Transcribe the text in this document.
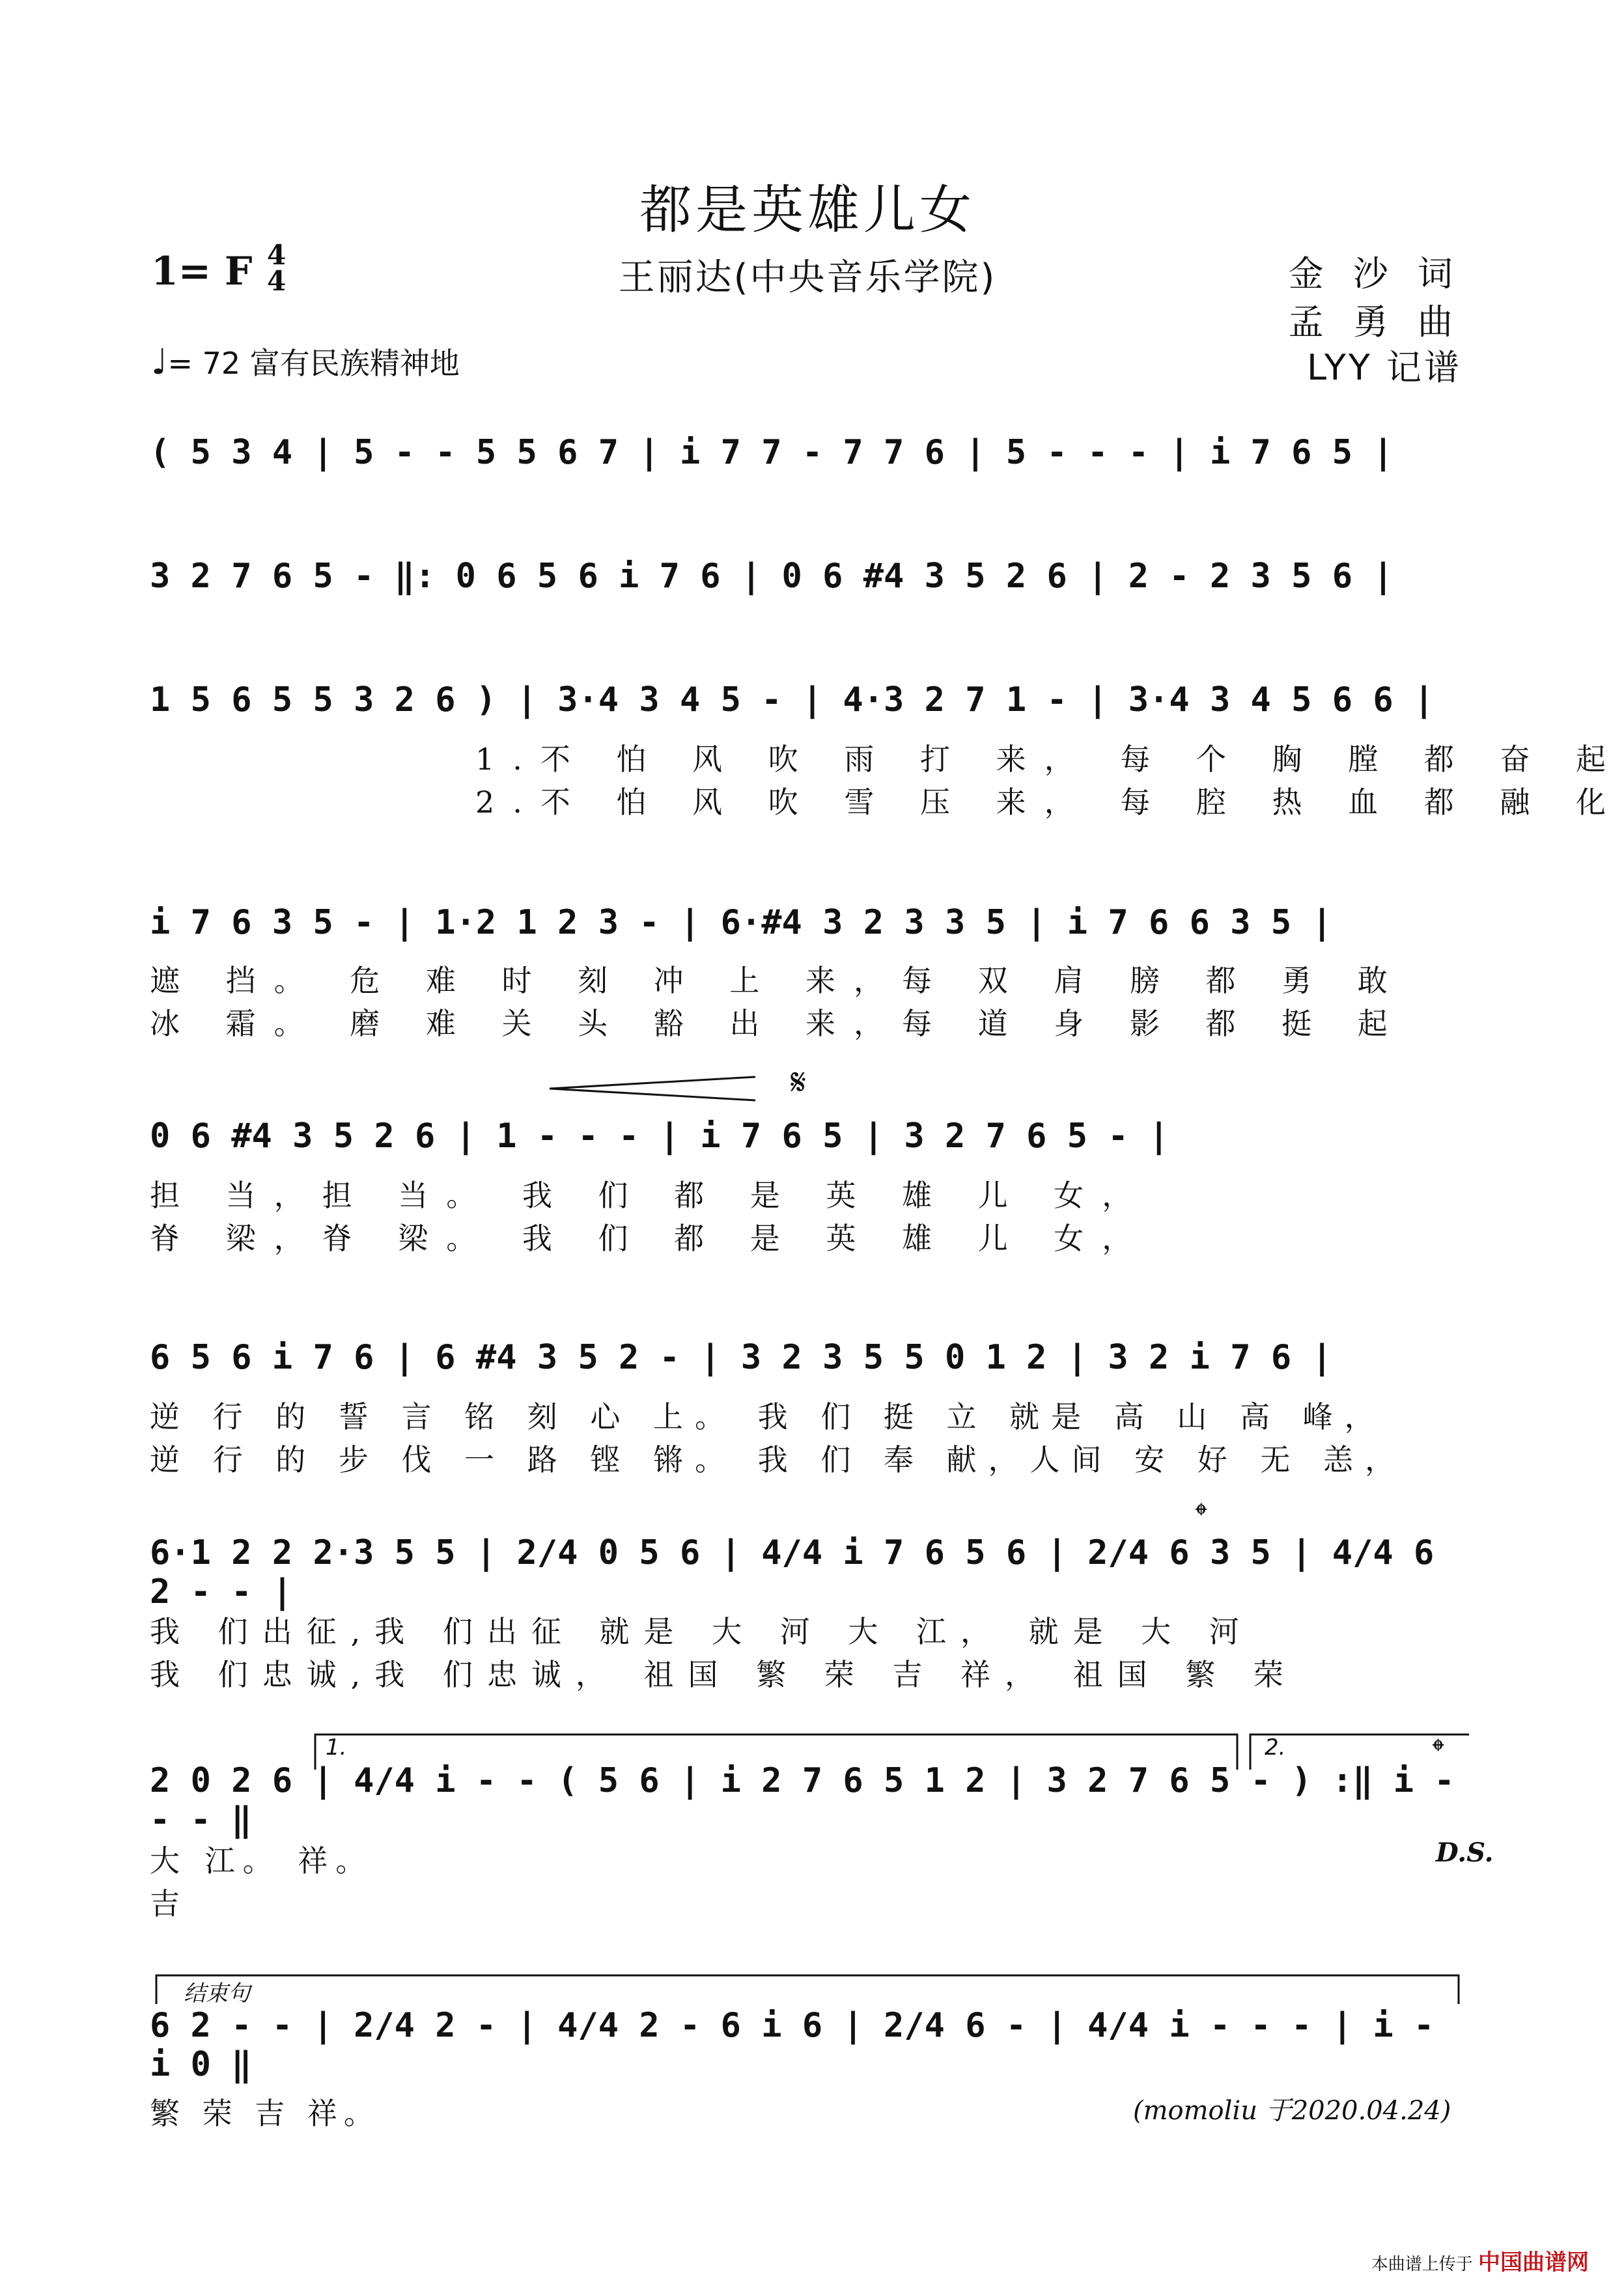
都是英雄儿女
1= F 4
4	王丽达(中央音乐学院)	金 沙 词
孟 勇 曲
LYY 记谱
♩= 72 富有民族精神地
( 5 3 4 | 5 - - 5 5 6 7 | i 7 7 - 7 7 6 | 5 - - - | i 7 6 5 |
3 2 7 6 5 - ‖: 0 6 5 6 i 7 6 | 0 6 #4 3 5 2 6 | 2 - 2 3 5 6 |
1 5 6 5 5 3 2 6 ) | 3·4 3 4 5 - | 4·3 2 7 1 - | 3·4 3 4 5 6 6 |
1.不 怕 风 吹 雨 打 来， 每 个 胸 膛 都 奋 起
2.不 怕 风 吹 雪 压 来， 每 腔 热 血 都 融 化
i 7 6 3 5 - | 1·2 1 2 3 - | 6·#4 3 2 3 3 5 | i 7 6 6 3 5 |
遮 挡。 危 难 时 刻 冲 上 来，每 双 肩 膀 都 勇 敢
冰 霜。 磨 难 关 头 豁 出 来，每 道 身 影 都 挺 起
𝄋
0 6 #4 3 5 2 6 | 1 - - - | i 7 6 5 | 3 2 7 6 5 - |
担 当，担 当。 我 们 都 是 英 雄 儿 女，
脊 梁，脊 梁。 我 们 都 是 英 雄 儿 女，
6 5 6 i 7 6 | 6 #4 3 5 2 - | 3 2 3 5 5 0 1 2 | 3 2 i 7 6 |
逆 行 的 誓 言 铭 刻 心 上。 我 们 挺 立 就是 高 山 高 峰，
逆 行 的 步 伐 一 路 铿 锵。 我 们 奉 献，人间 安 好 无 恙，
𝄌
6·1 2 2 2·3 5 5 | 2/4 0 5 6 | 4/4 i 7 6 5 6 | 2/4 6 3 5 | 4/4 6 2 - - |
我 们出征,我 们出征 就是 大 河 大 江， 就是 大 河
我 们忠诚,我 们忠诚， 祖国 繁 荣 吉 祥， 祖国 繁 荣
1.	2.	𝄌
2 0 2 6 | 4/4 i - - ( 5 6 | i 2 7 6 5 1 2 | 3 2 7 6 5 - ) :‖ i - - - ‖
大 江。 祥。
吉
D.S.
结束句
6 2 - - | 2/4 2 - | 4/4 2 - 6 i 6 | 2/4 6 - | 4/4 i - - - | i - i 0 ‖
繁 荣 吉 祥。	(momoliu 于2020.04.24)
本曲谱上传于 中国曲谱网
